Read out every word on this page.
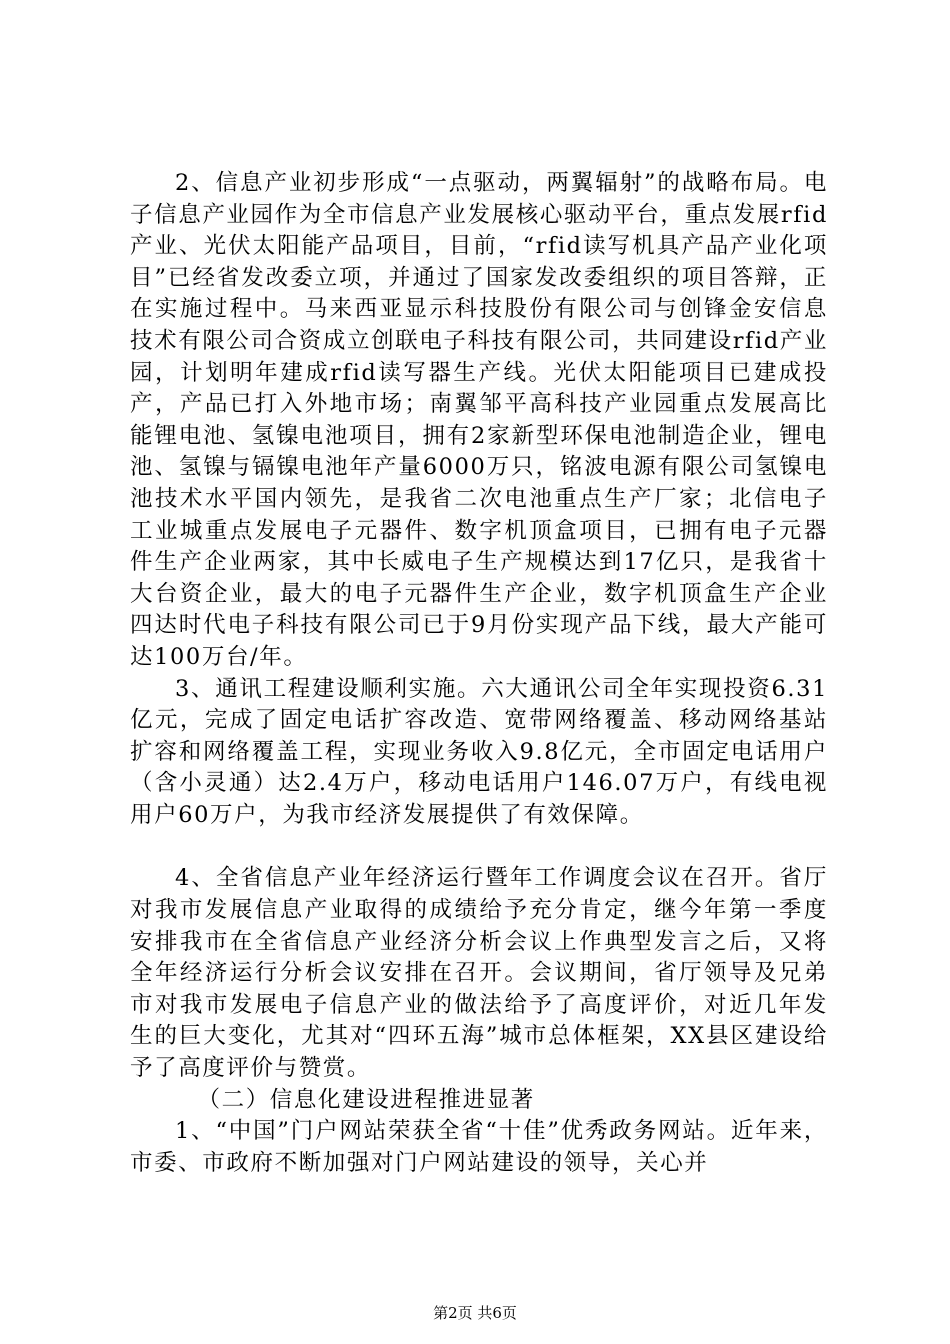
2、信息产业初步形成“一点驱动，两翼辐射”的战略布局。电子信息产业园作为全市信息产业发展核心驱动平台，重点发展rfid产业、光伏太阳能产品项目，目前，“rfid读写机具产品产业化项目”已经省发改委立项，并通过了国家发改委组织的项目答辩，正在实施过程中。马来西亚显示科技股份有限公司与创锋金安信息技术有限公司合资成立创联电子科技有限公司，共同建设rfid产业园，计划明年建成rfid读写器生产线。光伏太阳能项目已建成投产，产品已打入外地市场；南翼邹平高科技产业园重点发展高比能锂电池、氢镍电池项目，拥有2家新型环保电池制造企业，锂电池、氢镍与镉镍电池年产量6000万只，铭波电源有限公司氢镍电池技术水平国内领先，是我省二次电池重点生产厂家；北信电子工业城重点发展电子元器件、数字机顶盒项目，已拥有电子元器件生产企业两家，其中长威电子生产规模达到17亿只，是我省十大台资企业，最大的电子元器件生产企业，数字机顶盒生产企业四达时代电子科技有限公司已于9月份实现产品下线，最大产能可达100万台/年。

3、通讯工程建设顺利实施。六大通讯公司全年实现投资6.31亿元，完成了固定电话扩容改造、宽带网络覆盖、移动网络基站扩容和网络覆盖工程，实现业务收入9.8亿元，全市固定电话用户（含小灵通）达2.4万户，移动电话用户146.07万户，有线电视用户60万户，为我市经济发展提供了有效保障。

4、全省信息产业年经济运行暨年工作调度会议在召开。省厅对我市发展信息产业取得的成绩给予充分肯定，继今年第一季度安排我市在全省信息产业经济分析会议上作典型发言之后，又将全年经济运行分析会议安排在召开。会议期间，省厅领导及兄弟市对我市发展电子信息产业的做法给予了高度评价，对近几年发生的巨大变化，尤其对“四环五海”城市总体框架，XX县区建设给予了高度评价与赞赏。

（二）信息化建设进程推进显著

1、“中国”门户网站荣获全省“十佳”优秀政务网站。近年来，市委、市政府不断加强对门户网站建设的领导，关心并

第2页 共6页
